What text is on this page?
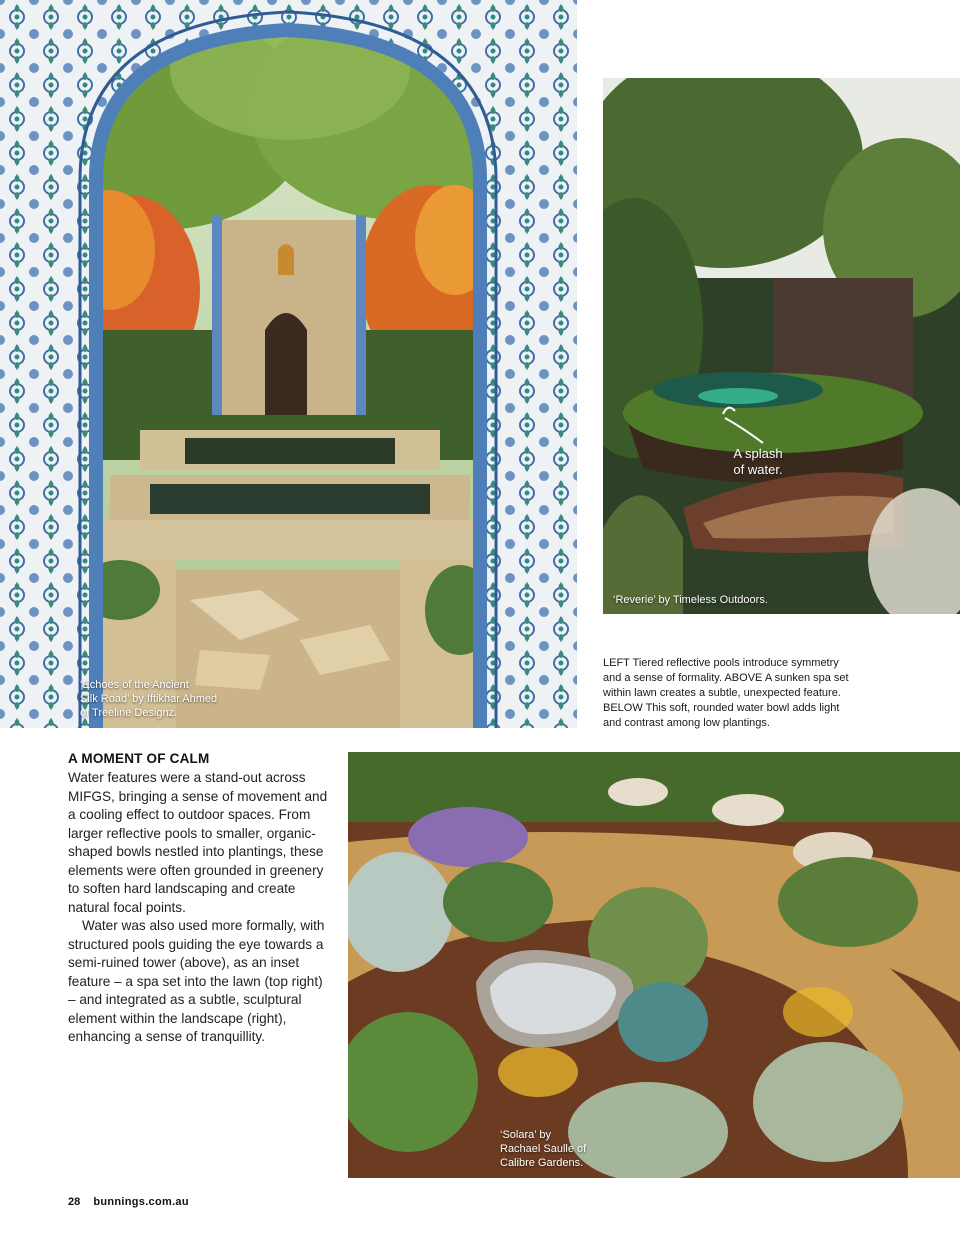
‘Echoes of the Ancient
Silk Road’ by Iftikhar Ahmed
of Treeline Designz.
A splash
of water.
‘Reverie’ by Timeless Outdoors.

LEFT Tiered reflective pools introduce symmetry

and a sense of formality. ABOVE A sunken spa set

within lawn creates a subtle, unexpected feature.

BELOW This soft, rounded water bowl adds light

and contrast among low plantings.

A MOMENT OF CALM

Water features were a stand-out across MIFGS, bringing a sense of movement and a cooling effect to outdoor spaces. From larger reflective pools to smaller, organic-shaped bowls nestled into plantings, these elements were often grounded in greenery to soften hard landscaping and create natural focal points.

Water was also used more formally, with structured pools guiding the eye towards a semi-ruined tower (above), as an inset feature – a spa set into the lawn (top right) – and integrated as a subtle, sculptural element within the landscape (right), enhancing a sense of tranquillity.

‘Solara’ by
Rachael Saulle of
Calibre Gardens.
28 bunnings.com.au
